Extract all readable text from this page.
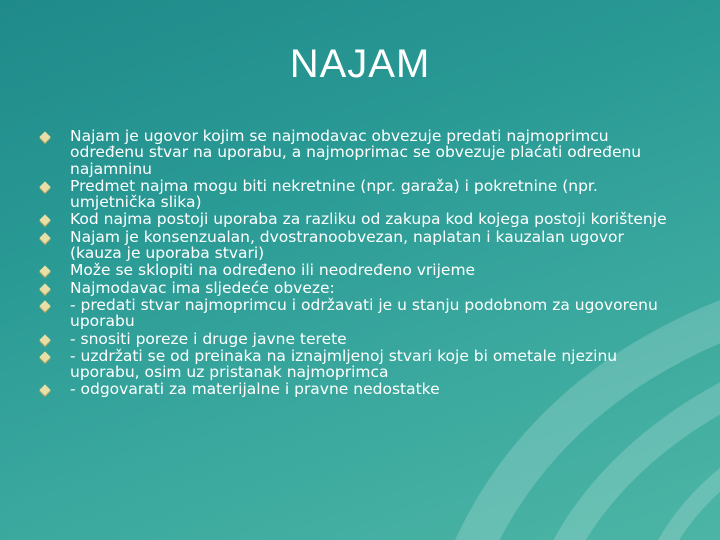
NAJAM
Najam je ugovor kojim se najmodavac obvezuje predati najmoprimcu određenu stvar na uporabu, a najmoprimac se obvezuje plaćati određenu najamninu
Predmet najma mogu biti nekretnine (npr. garaža) i pokretnine (npr. umjetnička slika)
Kod najma postoji uporaba za razliku od zakupa kod kojega postoji korištenje
Najam je konsenzualan, dvostranoobvezan, naplatan i kauzalan ugovor (kauza je uporaba stvari)
Može se sklopiti na određeno ili neodređeno vrijeme
Najmodavac ima sljedeće obveze:
- predati stvar najmoprimcu i održavati je u stanju podobnom za ugovorenu uporabu
- snositi poreze i druge javne terete
- uzdržati se od preinaka na iznajmljenoj stvari koje bi ometale njezinu uporabu, osim uz pristanak najmoprimca
- odgovarati za materijalne i pravne nedostatke
